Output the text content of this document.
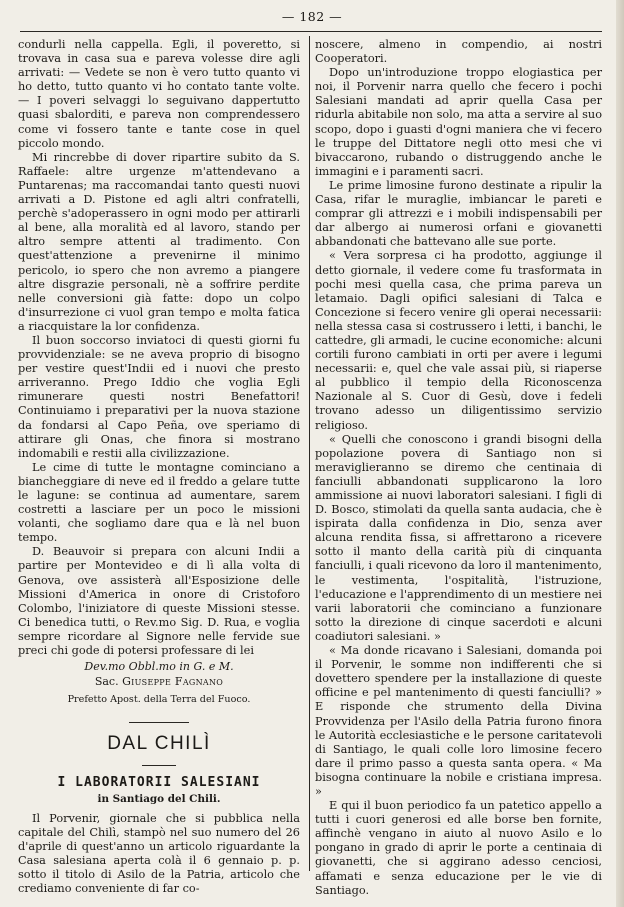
— 182 —

condurli nella cappella. Egli, il poveretto, si trovava in casa sua e pareva volesse dire agli arrivati: — Vedete se non è vero tutto quanto vi ho detto, tutto quanto vi ho contato tante volte. — I poveri selvaggi lo seguivano dappertutto quasi sbalorditi, e pareva non comprendessero come vi fossero tante e tante cose in quel piccolo mondo.

Mi rincrebbe di dover ripartire subito da S. Raffaele: altre urgenze m'attendevano a Puntarenas; ma raccomandai tanto questi nuovi arrivati a D. Pistone ed agli altri confratelli, perchè s'adoperassero in ogni modo per attirarli al bene, alla moralità ed al lavoro, stando per altro sempre attenti al tradimento. Con quest'attenzione a prevenirne il minimo pericolo, io spero che non avremo a piangere altre disgrazie personali, nè a soffrire perdite nelle conversioni già fatte: dopo un colpo d'insurrezione ci vuol gran tempo e molta fatica a riacquistare la lor confidenza.

Il buon soccorso inviatoci di questi giorni fu provvidenziale: se ne aveva proprio di bisogno per vestire quest'Indii ed i nuovi che presto arriveranno. Prego Iddio che voglia Egli rimunerare questi nostri Benefattori! Continuiamo i preparativi per la nuova stazione da fondarsi al Capo Peña, ove speriamo di attirare gli Onas, che finora si mostrano indomabili e restii alla civilizzazione.

Le cime di tutte le montagne cominciano a biancheggiare di neve ed il freddo a gelare tutte le lagune: se continua ad aumentare, sarem costretti a lasciare per un poco le missioni volanti, che sogliamo dare qua e là nel buon tempo.

D. Beauvoir si prepara con alcuni Indii a partire per Montevideo e di lì alla volta di Genova, ove assisterà all'Esposizione delle Missioni d'America in onore di Cristoforo Colombo, l'iniziatore di queste Missioni stesse. Ci benedica tutti, o Rev.mo Sig. D. Rua, e voglia sempre ricordare al Signore nelle fervide sue preci chi gode di potersi professare di lei

Dev.mo Obbl.mo in G. e M.
Sac. Giuseppe Fagnano
Prefetto Apost. della Terra del Fuoco.
DAL CHILÌ
I LABORATORII SALESIANI
in Santiago del Chili.

Il Porvenir, giornale che si pubblica nella capitale del Chilì, stampò nel suo numero del 26 d'aprile di quest'anno un articolo riguardante la Casa salesiana aperta colà il 6 gennaio p. p. sotto il titolo di Asilo de la Patria, articolo che crediamo conveniente di far co-

noscere, almeno in compendio, ai nostri Cooperatori.

Dopo un'introduzione troppo elogiastica per noi, il Porvenir narra quello che fecero i pochi Salesiani mandati ad aprir quella Casa per ridurla abitabile non solo, ma atta a servire al suo scopo, dopo i guasti d'ogni maniera che vi fecero le truppe del Dittatore negli otto mesi che vi bivaccarono, rubando o distruggendo anche le immagini e i paramenti sacri.

Le prime limosine furono destinate a ripulir la Casa, rifar le muraglie, imbiancar le pareti e comprar gli attrezzi e i mobili indispensabili per dar albergo ai numerosi orfani e giovanetti abbandonati che battevano alle sue porte.

« Vera sorpresa ci ha prodotto, aggiunge il detto giornale, il vedere come fu trasformata in pochi mesi quella casa, che prima pareva un letamaio. Dagli opifici salesiani di Talca e Concezione si fecero venire gli operai necessarii: nella stessa casa si costrussero i letti, i banchi, le cattedre, gli armadi, le cucine economiche: alcuni cortili furono cambiati in orti per avere i legumi necessarii: e, quel che vale assai più, si riaperse al pubblico il tempio della Riconoscenza Nazionale al S. Cuor di Gesù, dove i fedeli trovano adesso un diligentissimo servizio religioso.

« Quelli che conoscono i grandi bisogni della popolazione povera di Santiago non si meraviglieranno se diremo che centinaia di fanciulli abbandonati supplicarono la loro ammissione ai nuovi laboratori salesiani. I figli di D. Bosco, stimolati da quella santa audacia, che è ispirata dalla confidenza in Dio, senza aver alcuna rendita fissa, si affrettarono a ricevere sotto il manto della carità più di cinquanta fanciulli, i quali ricevono da loro il mantenimento, le vestimenta, l'ospitalità, l'istruzione, l'educazione e l'apprendimento di un mestiere nei varii laboratorii che cominciano a funzionare sotto la direzione di cinque sacerdoti e alcuni coadiutori salesiani. »

« Ma donde ricavano i Salesiani, domanda poi il Porvenir, le somme non indifferenti che si dovettero spendere per la installazione di queste officine e pel mantenimento di questi fanciulli? » E risponde che strumento della Divina Provvidenza per l'Asilo della Patria furono finora le Autorità ecclesiastiche e le persone caritatevoli di Santiago, le quali colle loro limosine fecero dare il primo passo a questa santa opera. « Ma bisogna continuare la nobile e cristiana impresa. »

E qui il buon periodico fa un patetico appello a tutti i cuori generosi ed alle borse ben fornite, affinchè vengano in aiuto al nuovo Asilo e lo pongano in grado di aprir le porte a centinaia di giovanetti, che si aggirano adesso cenciosi, affamati e senza educazione per le vie di Santiago.
